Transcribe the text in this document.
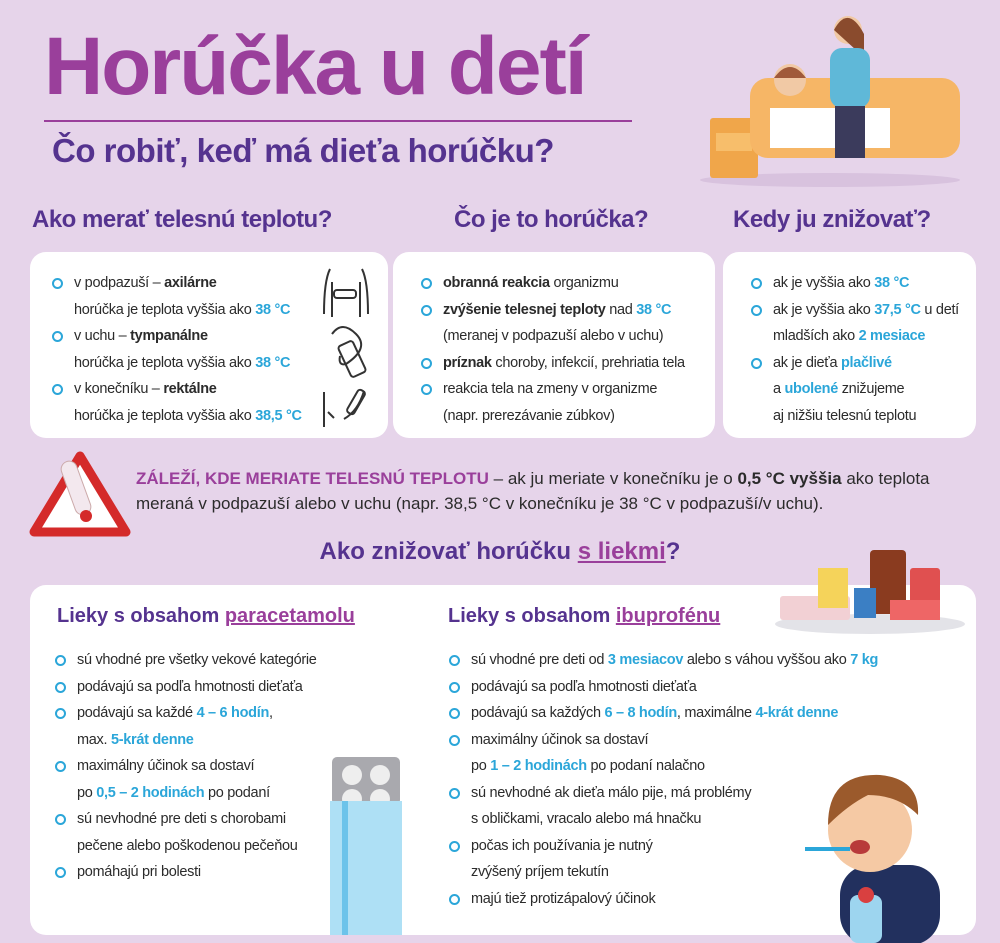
Horúčka u detí
Čo robiť, keď má dieťa horúčku?
Ako merať telesnú teplotu?	Čo je to horúčka?	Kedy ju znižovať?
v podpazuší – axilárne
horúčka je teplota vyššia ako 38 °C
v uchu – tympanálne
horúčka je teplota vyššia ako 38 °C
v konečníku – rektálne
horúčka je teplota vyššia ako 38,5 °C
obranná reakcia organizmu
zvýšenie telesnej teploty nad 38 °C
(meranej v podpazuší alebo v uchu)
príznak choroby, infekcií, prehriatia tela
reakcia tela na zmeny v organizme
(napr. prerezávanie zúbkov)
ak je vyššia ako 38 °C
ak je vyššia ako 37,5 °C u detí
mladších ako 2 mesiace
ak je dieťa plačlivé
a ubolené znižujeme
aj nižšiu telesnú teplotu
ZÁLEŽÍ, KDE MERIATE TELESNÚ TEPLOTU – ak ju meriate v konečníku je o 0,5 °C vyššia ako teplota meraná v podpazuší alebo v uchu (napr. 38,5 °C v konečníku je 38 °C v podpazuší/v uchu).
Ako znižovať horúčku s liekmi?
Lieky s obsahom paracetamolu	Lieky s obsahom ibuprofénu
sú vhodné pre všetky vekové kategórie
podávajú sa podľa hmotnosti dieťaťa
podávajú sa každé 4 – 6 hodín,
max. 5-krát denne
maximálny účinok sa dostaví
po 0,5 – 2 hodinách po podaní
sú nevhodné pre deti s chorobami
pečene alebo poškodenou pečeňou
pomáhajú pri bolesti
sú vhodné pre deti od 3 mesiacov alebo s váhou vyššou ako 7 kg
podávajú sa podľa hmotnosti dieťaťa
podávajú sa každých 6 – 8 hodín, maximálne 4-krát denne
maximálny účinok sa dostaví
po 1 – 2 hodinách po podaní nalačno
sú nevhodné ak dieťa málo pije, má problémy
s obličkami, vracalo alebo má hnačku
počas ich používania je nutný
zvýšený príjem tekutín
majú tiež protizápalový účinok
